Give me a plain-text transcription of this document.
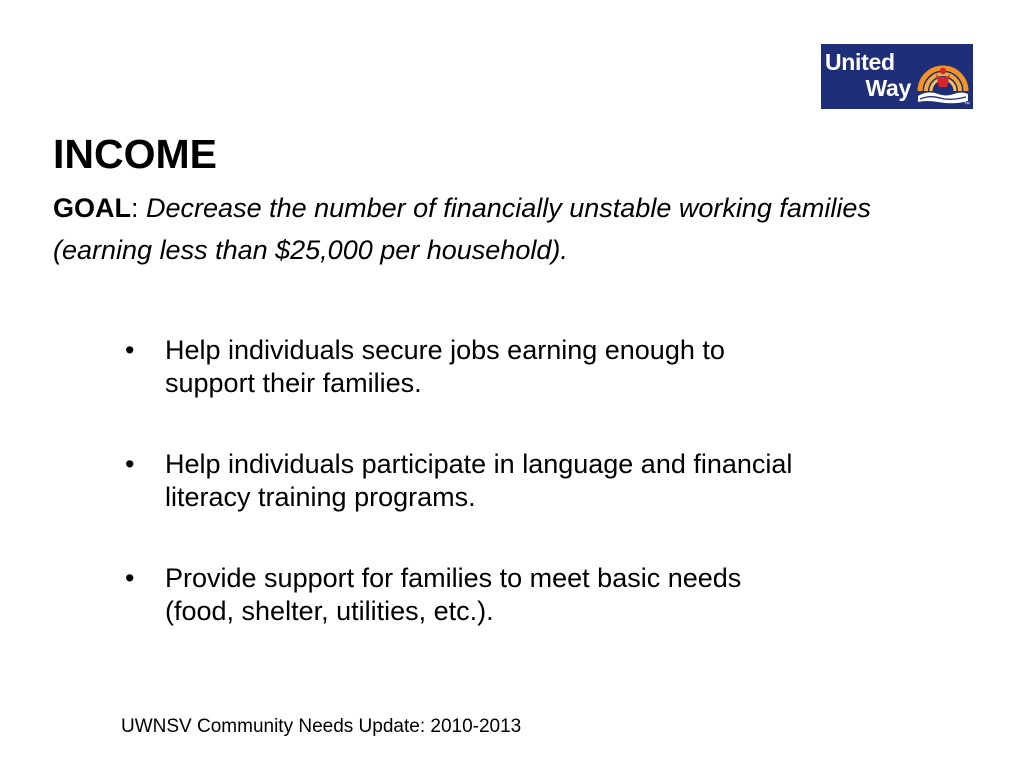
United
Way
™
INCOME
GOAL: Decrease the number of financially unstable working families
(earning less than $25,000 per household).
• Help individuals secure jobs earning enough to
support their families.
• Help individuals participate in language and financial
literacy training programs.
• Provide support for families to meet basic needs
(food, shelter, utilities, etc.).
UWNSV Community Needs Update: 2010-2013
